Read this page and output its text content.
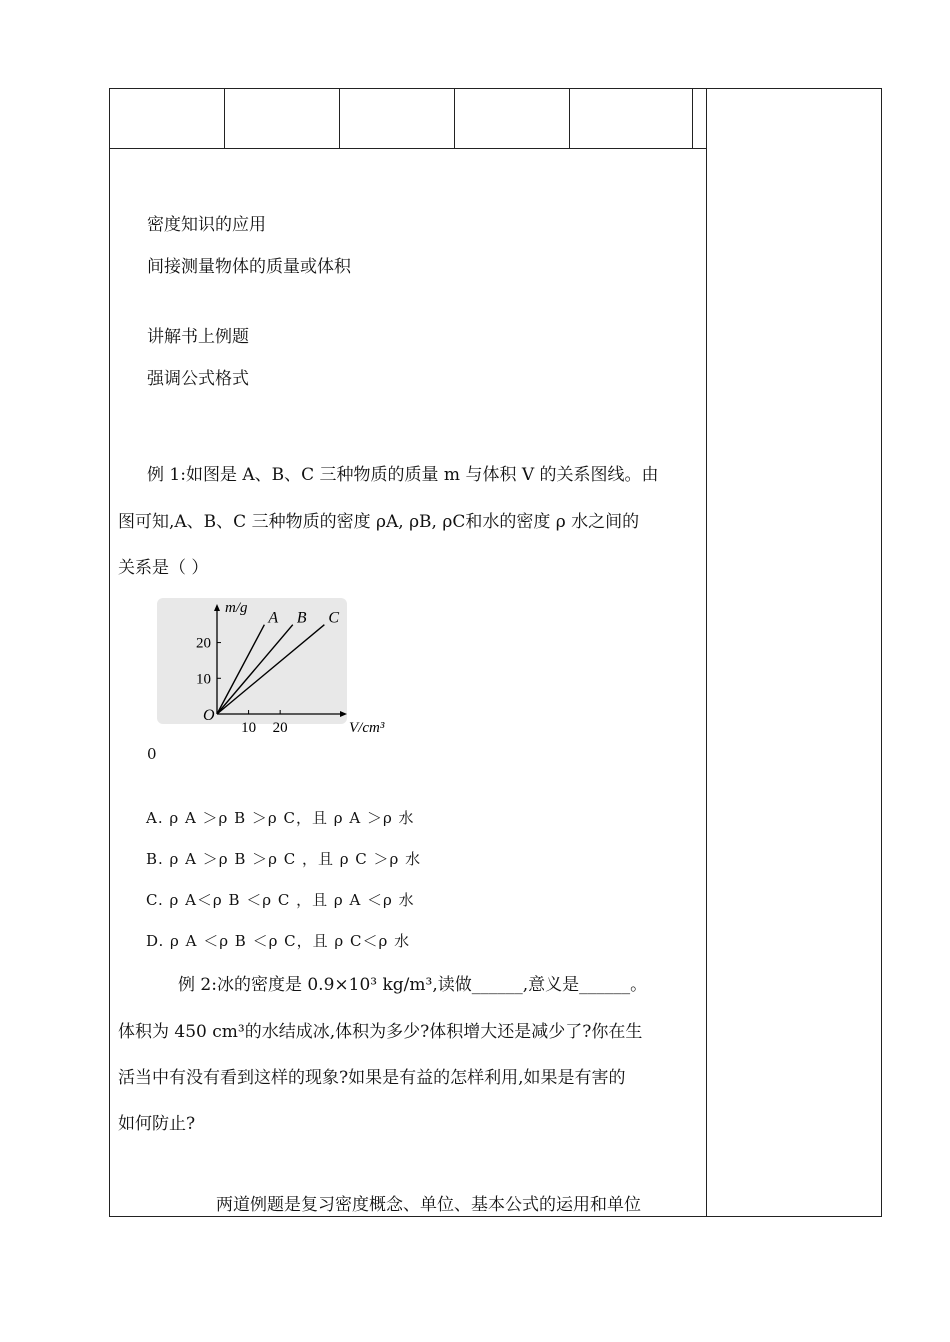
密度知识的应用
间接测量物体的质量或体积
讲解书上例题
强调公式格式
例 1:如图是 A、B、C 三种物质的质量 m 与体积 V 的关系图线。由
图可知,A、B、C 三种物质的密度 ρA, ρB, ρC和水的密度 ρ 水之间的
关系是（ ）
10 20
10
20
A B C
O
V/cm³
m/g
0
A. ρ A ＞ρ B ＞ρ C，且 ρ A ＞ρ 水
B. ρ A ＞ρ B ＞ρ C ，且 ρ C ＞ρ 水
C. ρ A＜ρ B ＜ρ C ，且 ρ A ＜ρ 水
D. ρ A ＜ρ B ＜ρ C，且 ρ C＜ρ 水
例 2:冰的密度是 0.9×10³ kg/m³,读做______,意义是______。
体积为 450 cm³的水结成冰,体积为多少?体积增大还是减少了?你在生
活当中有没有看到这样的现象?如果是有益的怎样利用,如果是有害的
如何防止?
两道例题是复习密度概念、单位、基本公式的运用和单位
